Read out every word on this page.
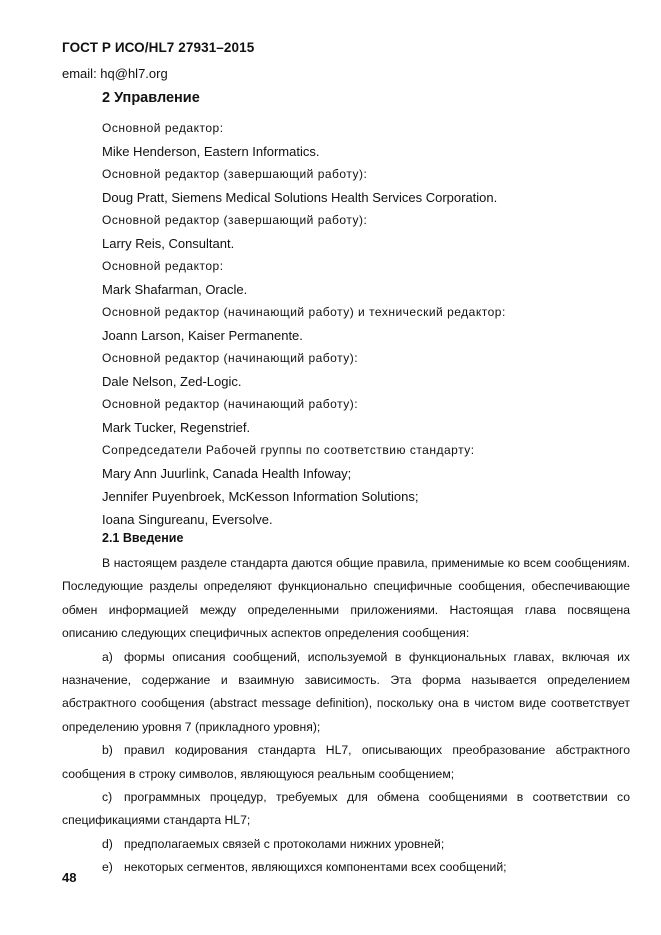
ГОСТ Р ИСО/HL7 27931–2015
email: hq@hl7.org
2 Управление
Основной редактор:
Mike Henderson, Eastern Informatics.
Основной редактор (завершающий работу):
Doug Pratt, Siemens Medical Solutions Health Services Corporation.
Основной редактор (завершающий работу):
Larry Reis, Consultant.
Основной редактор:
Mark Shafarman, Oracle.
Основной редактор (начинающий работу) и технический редактор:
Joann Larson, Kaiser Permanente.
Основной редактор (начинающий работу):
Dale Nelson, Zed-Logic.
Основной редактор (начинающий работу):
Mark Tucker, Regenstrief.
Сопредседатели Рабочей группы по соответствию стандарту:
Mary Ann Juurlink, Canada Health Infoway;
Jennifer Puyenbroek, McKesson Information Solutions;
Ioana Singureanu, Eversolve.
2.1 Введение

В настоящем разделе стандарта даются общие правила, применимые ко всем сообщениям. Последующие разделы определяют функционально специфичные сообщения, обеспечивающие обмен информацией между определенными приложениями. Настоящая глава посвящена описанию следующих специфичных аспектов определения сообщения:

а) формы описания сообщений, используемой в функциональных главах, включая их назначение, содержание и взаимную зависимость. Эта форма называется определением абстрактного сообщения (abstract message definition), поскольку она в чистом виде соответствует определению уровня 7 (прикладного уровня);

b) правил кодирования стандарта HL7, описывающих преобразование абстрактного сообщения в строку символов, являющуюся реальным сообщением;

с) программных процедур, требуемых для обмена сообщениями в соответствии со спецификациями стандарта HL7;

d) предполагаемых связей с протоколами нижних уровней;

е) некоторых сегментов, являющихся компонентами всех сообщений;

48
